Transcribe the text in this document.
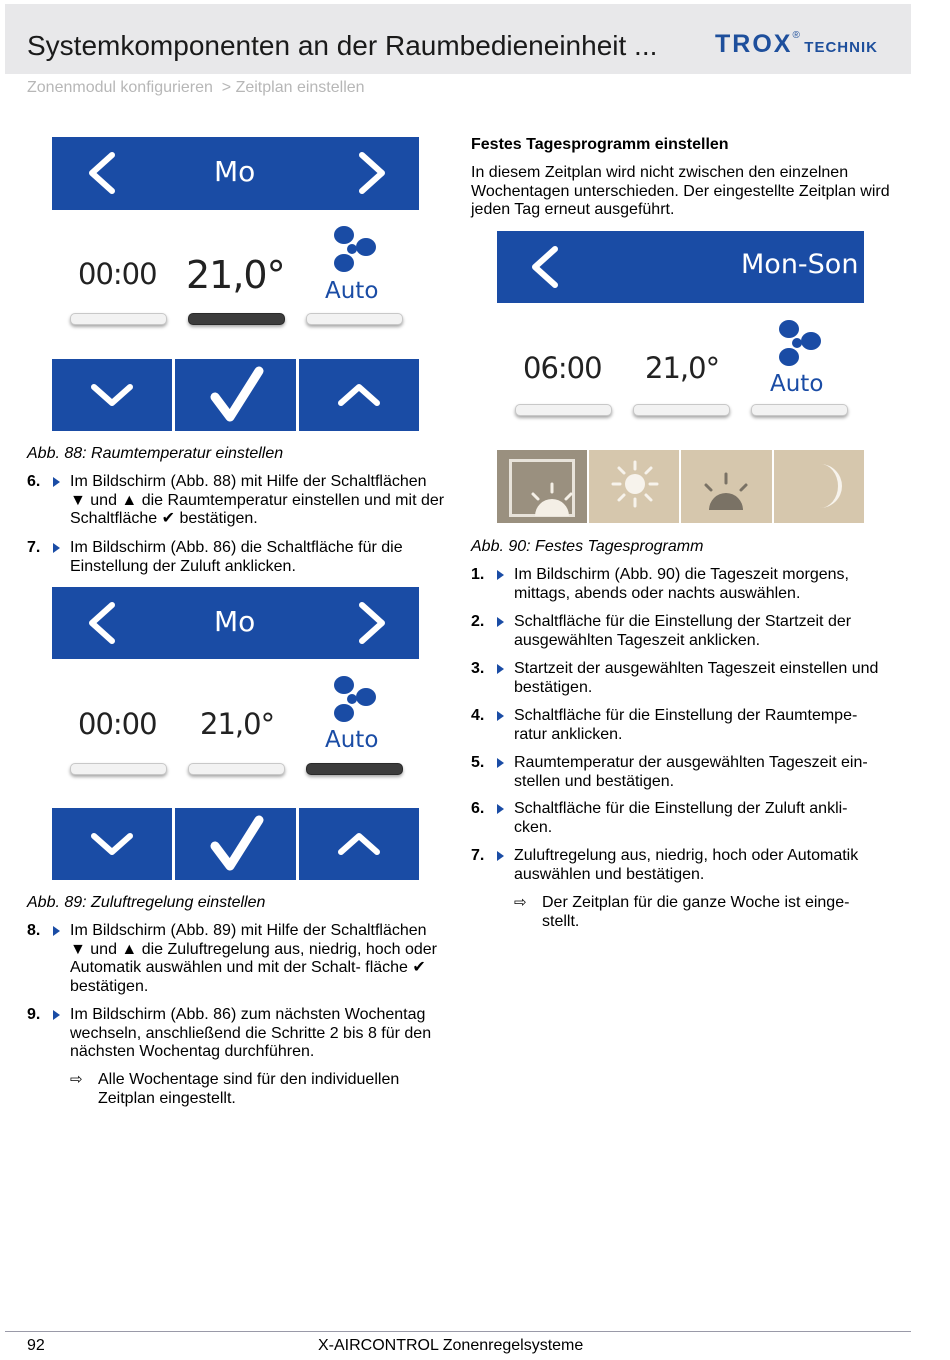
Systemkomponenten an der Raumbedieneinheit ... TROX® TECHNIK
Zonenmodul konfigurieren  > Zeitplan einstellen
Mo
00:00 21,0° Auto
Abb. 88: Raumtemperatur einstellen
6. Im Bildschirm (Abb. 88) mit Hilfe der Schaltflächen ▼ und ▲ die Raumtemperatur einstellen und mit der Schaltfläche ✔ bestätigen.
7. Im Bildschirm (Abb. 86) die Schaltfläche für die Einstellung der Zuluft anklicken.
Mo
00:00 21,0° Auto
Abb. 89: Zuluftregelung einstellen
8. Im Bildschirm (Abb. 89) mit Hilfe der Schaltflächen ▼ und ▲ die Zuluftregelung aus, niedrig, hoch oder Automatik auswählen und mit der Schalt- fläche ✔ bestätigen.
9. Im Bildschirm (Abb. 86) zum nächsten Wochentag wechseln, anschließend die Schritte 2 bis 8 für den nächsten Wochentag durchführen.
⇨ Alle Wochentage sind für den individuellen Zeitplan eingestellt.
Festes Tagesprogramm einstellen
In diesem Zeitplan wird nicht zwischen den einzelnen Wochentagen unterschieden. Der eingestellte Zeitplan wird jeden Tag erneut ausgeführt.
Mon-Son
06:00 21,0° Auto
Abb. 90: Festes Tagesprogramm
1. Im Bildschirm (Abb. 90) die Tageszeit morgens, mittags, abends oder nachts auswählen.
2. Schaltfläche für die Einstellung der Startzeit der ausgewählten Tageszeit anklicken.
3. Startzeit der ausgewählten Tageszeit einstellen und bestätigen.
4. Schaltfläche für die Einstellung der Raumtempe- ratur anklicken.
5. Raumtemperatur der ausgewählten Tageszeit ein- stellen und bestätigen.
6. Schaltfläche für die Einstellung der Zuluft ankli- cken.
7. Zuluftregelung aus, niedrig, hoch oder Automatik auswählen und bestätigen.
⇨ Der Zeitplan für die ganze Woche ist einge- stellt.
92	X-AIRCONTROL Zonenregelsysteme
